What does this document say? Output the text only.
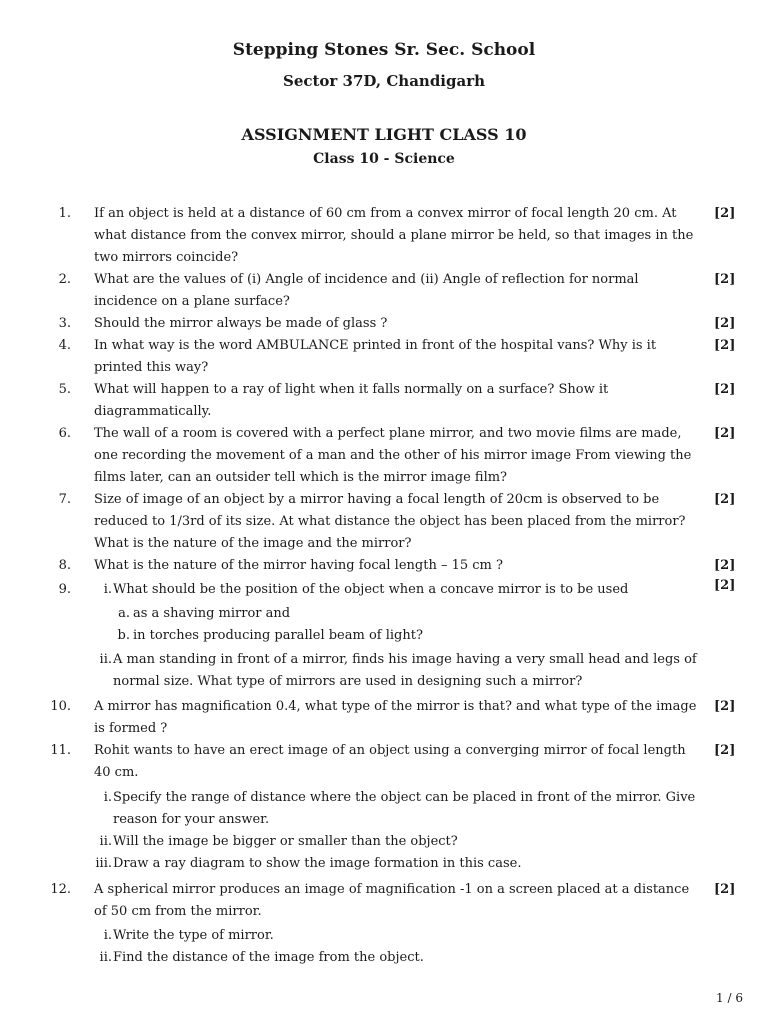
Stepping Stones Sr. Sec. School
Sector 37D, Chandigarh
ASSIGNMENT LIGHT CLASS 10
Class 10 - Science
1. If an object is held at a distance of 60 cm from a convex mirror of focal length 20 cm. At what distance from the convex mirror, should a plane mirror be held, so that images in the two mirrors coincide?
[2]
2. What are the values of (i) Angle of incidence and (ii) Angle of reflection for normal incidence on a plane surface?
[2]
3. Should the mirror always be made of glass ?	[2]
4. In what way is the word AMBULANCE printed in front of the hospital vans? Why is it printed this way?
[2]
5. What will happen to a ray of light when it falls normally on a surface? Show it diagrammatically.
[2]
6. The wall of a room is covered with a perfect plane mirror, and two movie films are made, one recording the movement of a man and the other of his mirror image From viewing the films later, can an outsider tell which is the mirror image film?
[2]
7. Size of image of an object by a mirror having a focal length of 20cm is observed to be reduced to 1/3rd of its size. At what distance the object has been placed from the mirror? What is the nature of the image and the mirror?
[2]
8. What is the nature of the mirror having focal length – 15 cm ?	[2]
9.	[2]
i. What should be the position of the object when a concave mirror is to be used
a. as a shaving mirror and
b. in torches producing parallel beam of light?
ii. A man standing in front of a mirror, finds his image having a very small head and legs of normal size. What type of mirrors are used in designing such a mirror?
10. A mirror has magnification 0.4, what type of the mirror is that? and what type of the image is formed ?
[2]
11. Rohit wants to have an erect image of an object using a converging mirror of focal length 40 cm.
[2]
i. Specify the range of distance where the object can be placed in front of the mirror. Give reason for your answer.
ii. Will the image be bigger or smaller than the object?
iii. Draw a ray diagram to show the image formation in this case.
12. A spherical mirror produces an image of magnification -1 on a screen placed at a distance of 50 cm from the mirror.
[2]
i. Write the type of mirror.
ii. Find the distance of the image from the object.
1 / 6
